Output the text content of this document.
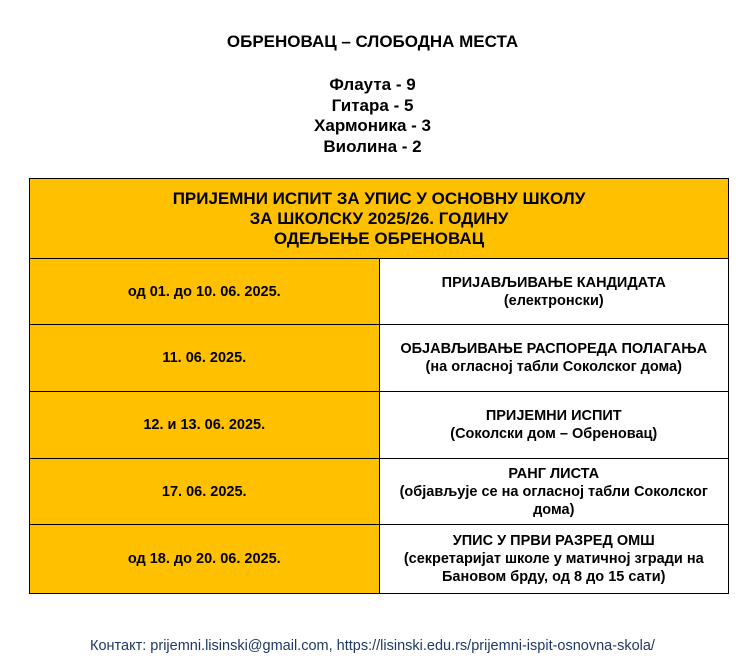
ОБРЕНОВАЦ – СЛОБОДНА МЕСТА
Флаута - 9
Гитара - 5
Хармоника - 3
Виолина - 2
ПРИЈЕМНИ ИСПИТ ЗА УПИС У ОСНОВНУ ШКОЛУ
ЗА ШКОЛСКУ 2025/26. ГОДИНУ
ОДЕЉЕЊЕ ОБРЕНОВАЦ	

од 01. до 10. 06. 2025.	ПРИЈАВЉИВАЊЕ КАНДИДАТА
(електронски)

11. 06. 2025.	ОБЈАВЉИВАЊЕ РАСПОРЕДА ПОЛАГАЊА
(на огласној табли Соколског дома)

12. и 13. 06. 2025.	ПРИЈЕМНИ ИСПИТ
(Соколски дом – Обреновац)

17. 06. 2025.	РАНГ ЛИСТА
(објављује се на огласној табли Соколског дома)

од 18. до 20. 06. 2025.	УПИС У ПРВИ РАЗРЕД ОМШ
(секретаријат школе у матичној згради на Бановом брду, од 8 до 15 сати)
Контакт: prijemni.lisinski@gmail.com, https://lisinski.edu.rs/prijemni-ispit-osnovna-skola/
